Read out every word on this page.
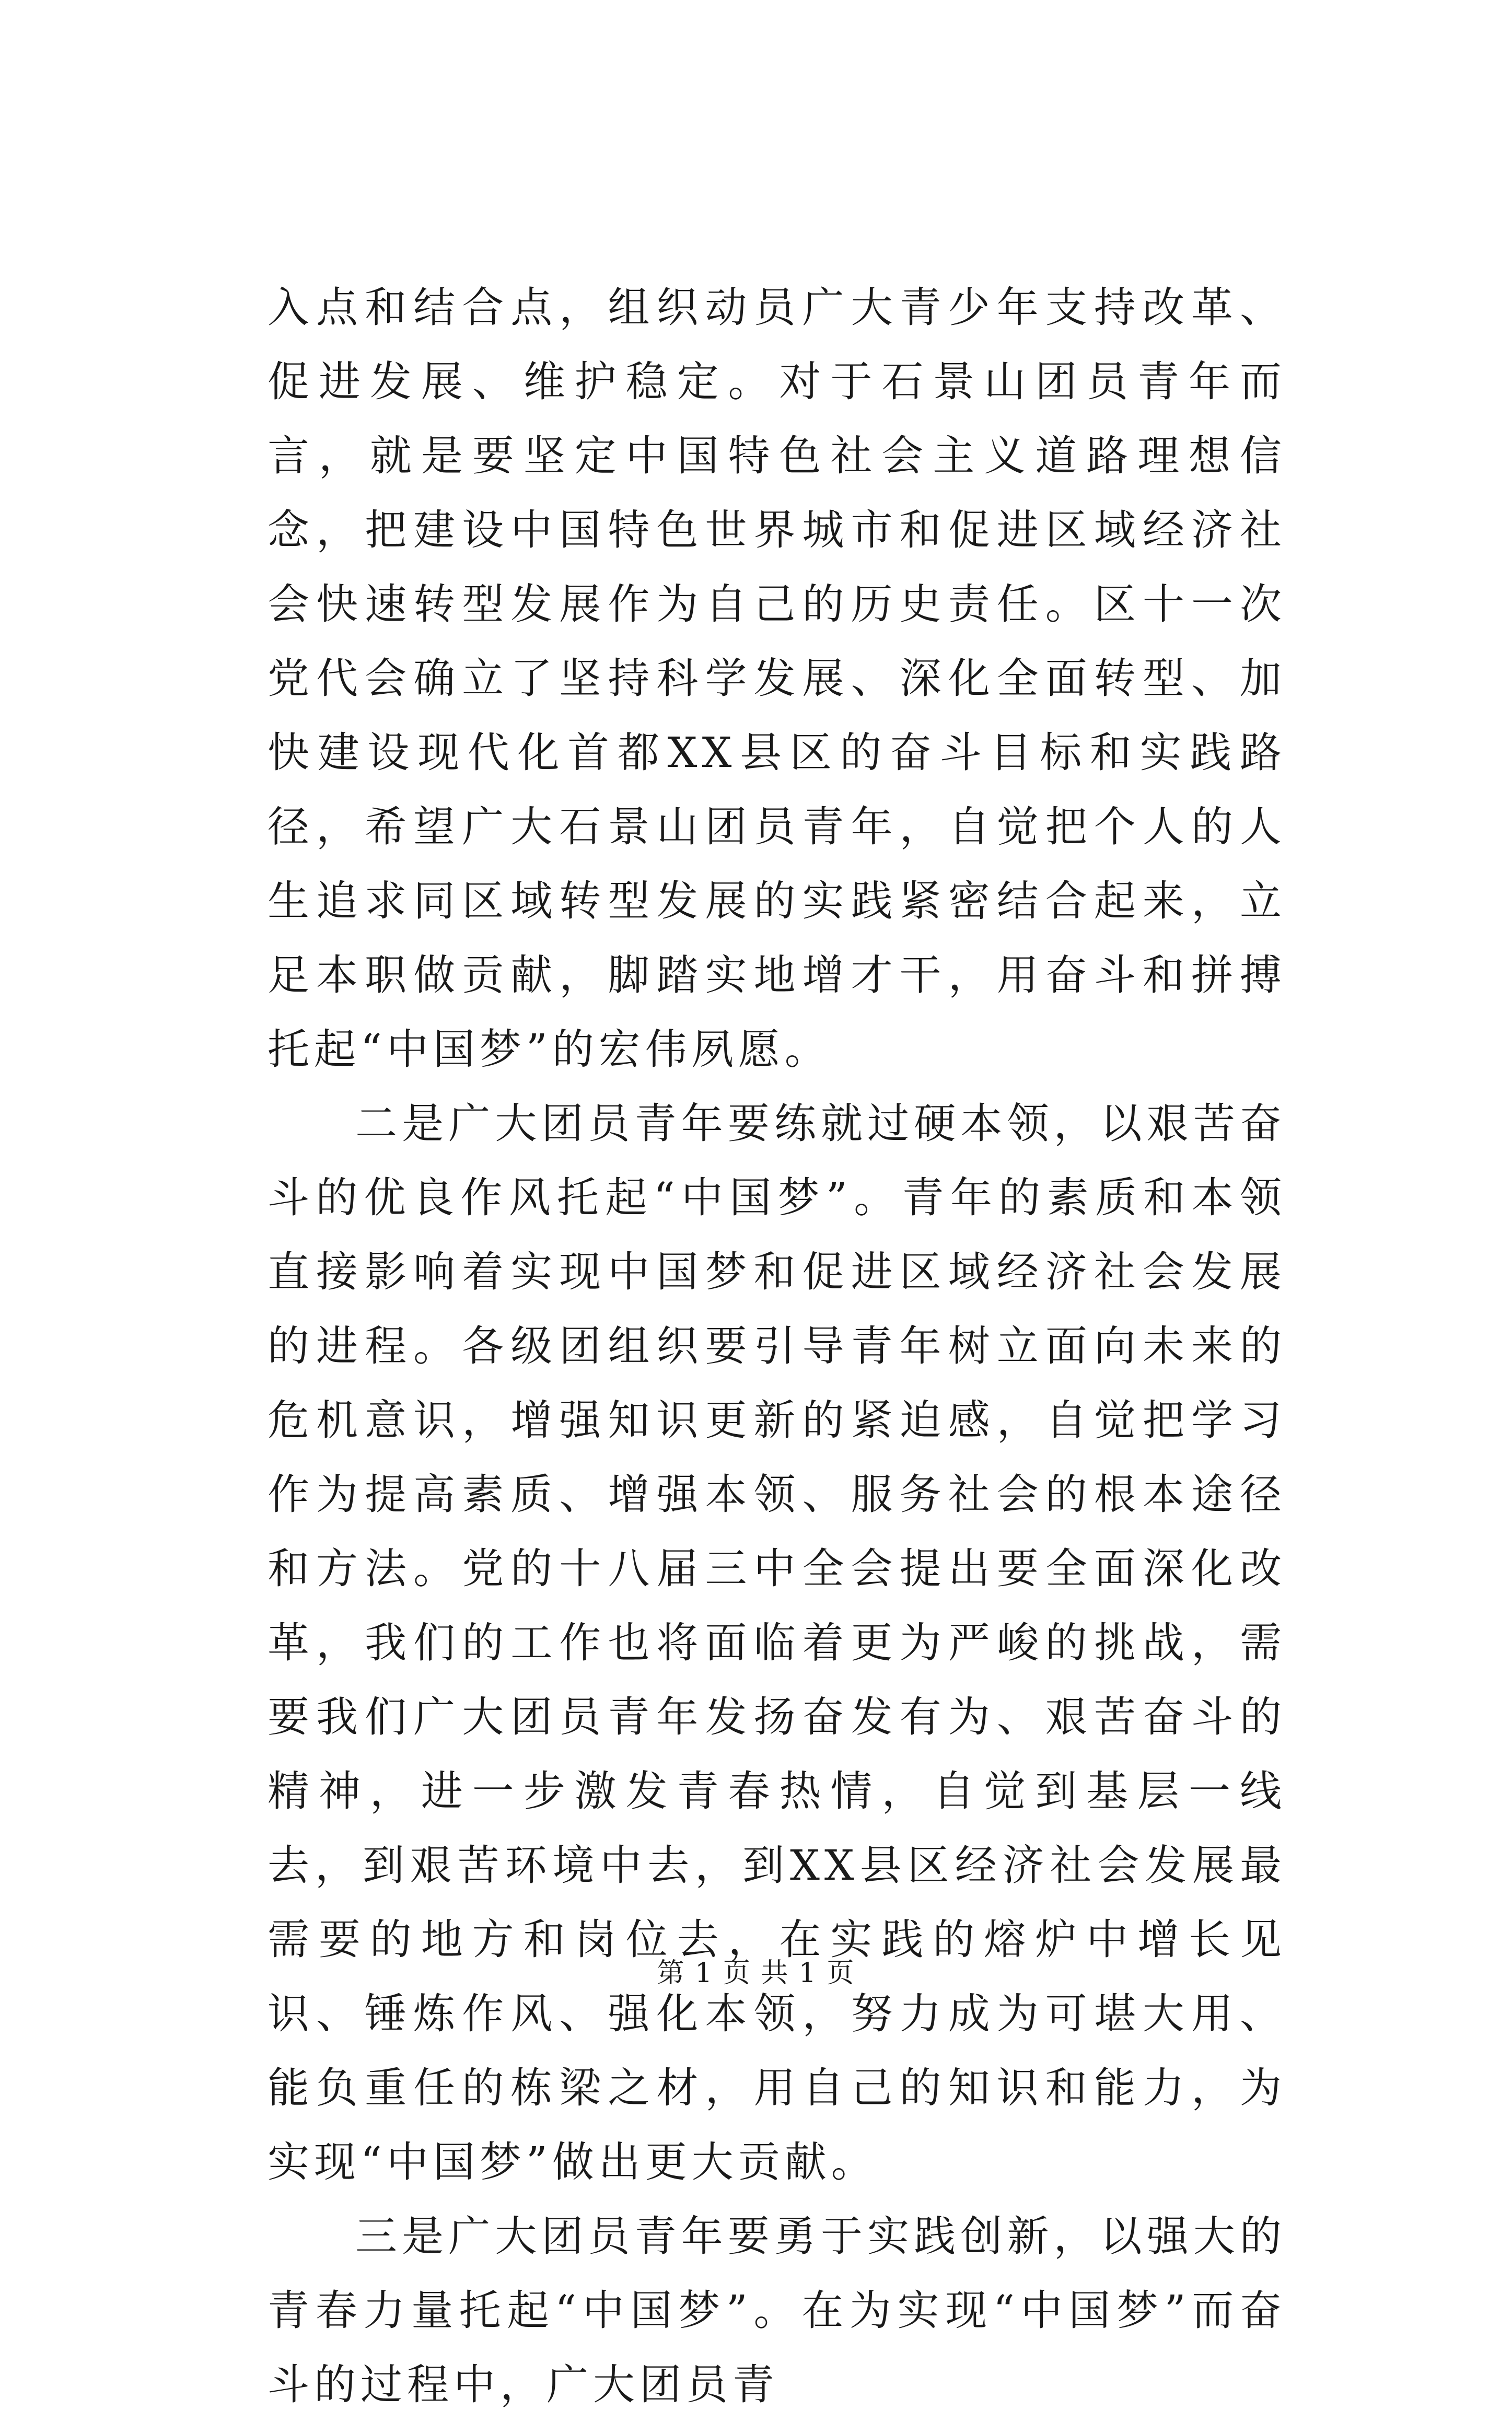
入点和结合点，组织动员广大青少年支持改革、促进发展、维护稳定。对于石景山团员青年而言，就是要坚定中国特色社会主义道路理想信念，把建设中国特色世界城市和促进区域经济社会快速转型发展作为自己的历史责任。区十一次党代会确立了坚持科学发展、深化全面转型、加快建设现代化首都XX县区的奋斗目标和实践路径，希望广大石景山团员青年，自觉把个人的人生追求同区域转型发展的实践紧密结合起来，立足本职做贡献，脚踏实地增才干，用奋斗和拼搏托起“中国梦”的宏伟夙愿。

二是广大团员青年要练就过硬本领，以艰苦奋斗的优良作风托起“中国梦”。青年的素质和本领直接影响着实现中国梦和促进区域经济社会发展的进程。各级团组织要引导青年树立面向未来的危机意识，增强知识更新的紧迫感，自觉把学习作为提高素质、增强本领、服务社会的根本途径和方法。党的十八届三中全会提出要全面深化改革，我们的工作也将面临着更为严峻的挑战，需要我们广大团员青年发扬奋发有为、艰苦奋斗的精神，进一步激发青春热情，自觉到基层一线去，到艰苦环境中去，到XX县区经济社会发展最需要的地方和岗位去，在实践的熔炉中增长见识、锤炼作风、强化本领，努力成为可堪大用、能负重任的栋梁之材，用自己的知识和能力，为实现“中国梦”做出更大贡献。

三是广大团员青年要勇于实践创新，以强大的青春力量托起“中国梦”。在为实现“中国梦”而奋斗的过程中，广大团员青

第 1 页 共 1 页
